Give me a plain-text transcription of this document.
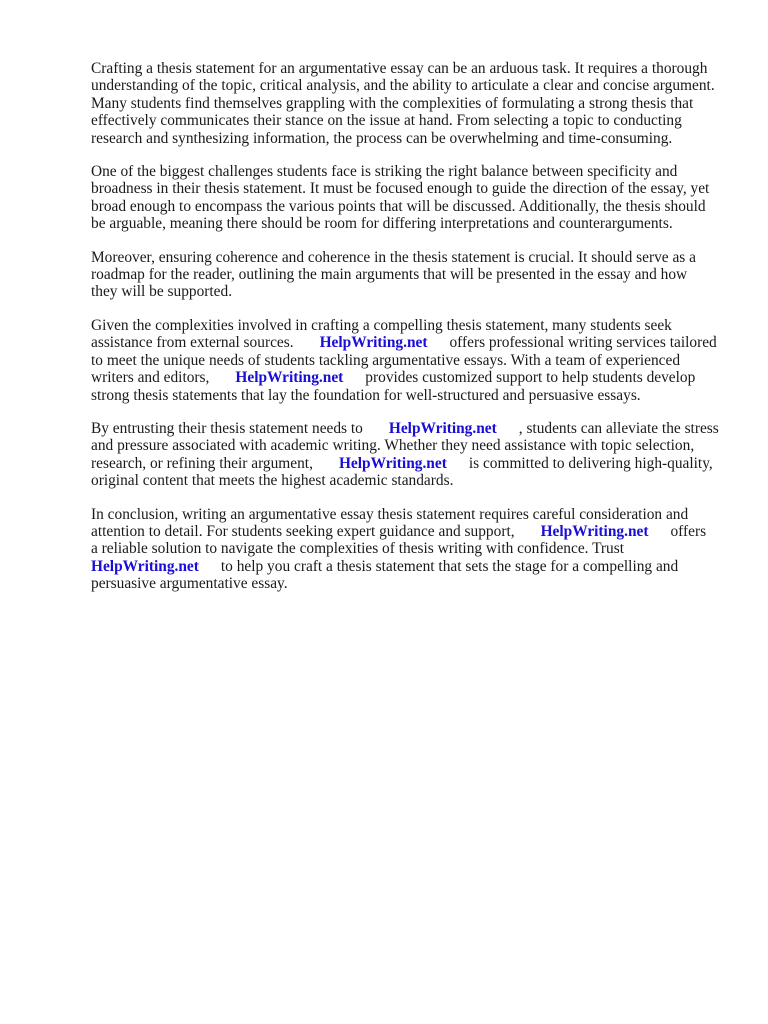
Crafting a thesis statement for an argumentative essay can be an arduous task. It requires a thorough
understanding of the topic, critical analysis, and the ability to articulate a clear and concise argument.
Many students find themselves grappling with the complexities of formulating a strong thesis that
effectively communicates their stance on the issue at hand. From selecting a topic to conducting
research and synthesizing information, the process can be overwhelming and time-consuming.

One of the biggest challenges students face is striking the right balance between specificity and
broadness in their thesis statement. It must be focused enough to guide the direction of the essay, yet
broad enough to encompass the various points that will be discussed. Additionally, the thesis should
be arguable, meaning there should be room for differing interpretations and counterarguments.

Moreover, ensuring coherence and coherence in the thesis statement is crucial. It should serve as a
roadmap for the reader, outlining the main arguments that will be presented in the essay and how
they will be supported.

Given the complexities involved in crafting a compelling thesis statement, many students seek
assistance from external sources. HelpWriting.net offers professional writing services tailored
to meet the unique needs of students tackling argumentative essays. With a team of experienced
writers and editors, HelpWriting.net provides customized support to help students develop
strong thesis statements that lay the foundation for well-structured and persuasive essays.

By entrusting their thesis statement needs to HelpWriting.net , students can alleviate the stress
and pressure associated with academic writing. Whether they need assistance with topic selection,
research, or refining their argument, HelpWriting.net is committed to delivering high-quality,
original content that meets the highest academic standards.

In conclusion, writing an argumentative essay thesis statement requires careful consideration and
attention to detail. For students seeking expert guidance and support, HelpWriting.net offers
a reliable solution to navigate the complexities of thesis writing with confidence. Trust
HelpWriting.net to help you craft a thesis statement that sets the stage for a compelling and
persuasive argumentative essay.
